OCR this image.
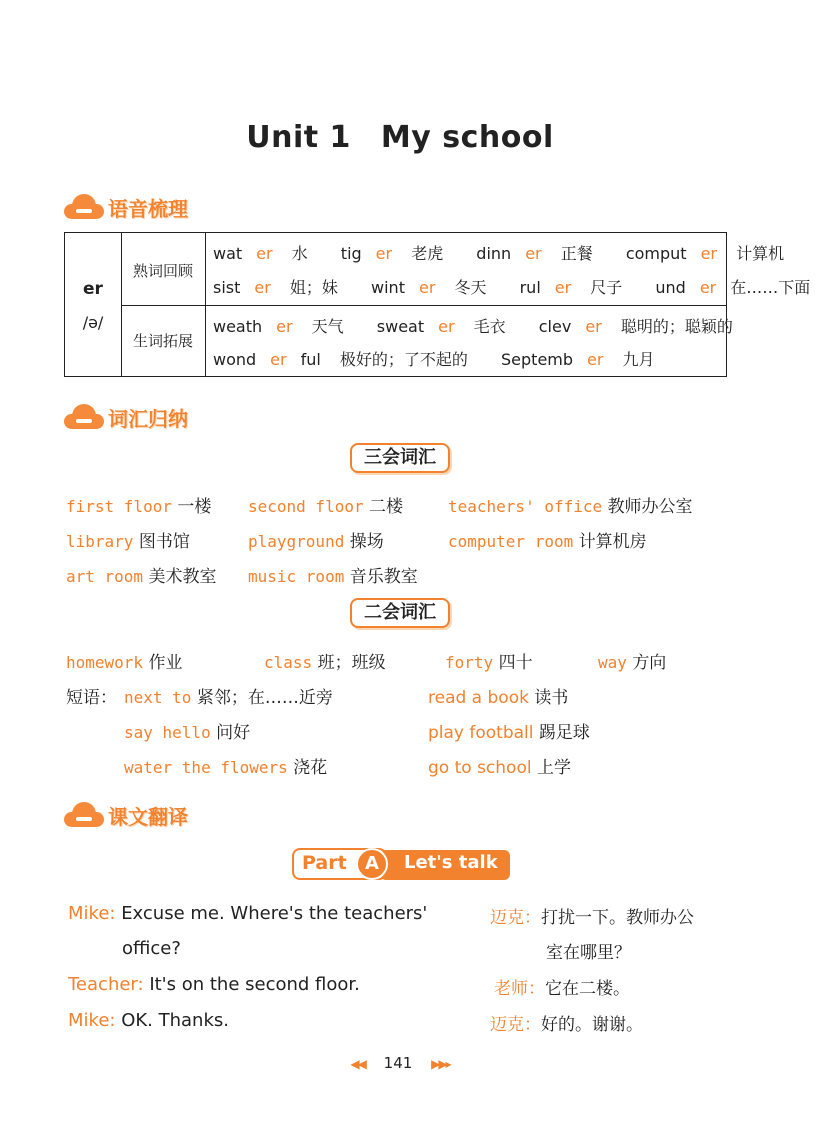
Unit 1 My school
语音梳理
er
/ə/
熟词回顾
生词拓展
wat er 水 tig er 老虎 dinn er 正餐 comput er 计算机
sist er 姐；妹 wint er 冬天 rul er 尺子 und er 在……下面
weath er 天气 sweat er 毛衣 clev er 聪明的；聪颖的
wond er ful 极好的；了不起的 Septemb er 九月
词汇归纳
三会词汇
first floor 一楼 second floor 二楼	teachers' office 教师办公室
library 图书馆	playground 操场	computer room 计算机房
art room 美术教室 music room 音乐教室
二会词汇
homework 作业	class 班；班级	forty 四十	way 方向
短语： next to 紧邻；在……近旁	read a book 读书
say hello 问好	play football 踢足球
water the flowers 浇花	go to school 上学
课文翻译
Part	A	Let's talk
Mike: Excuse me. Where's the teachers'
office?
迈克：打扰一下。教师办公
室在哪里？
Teacher: It's on the second floor.	老师：它在二楼。
Mike: OK. Thanks.	迈克：好的。谢谢。
◀◀ 141 ▶▶▸
